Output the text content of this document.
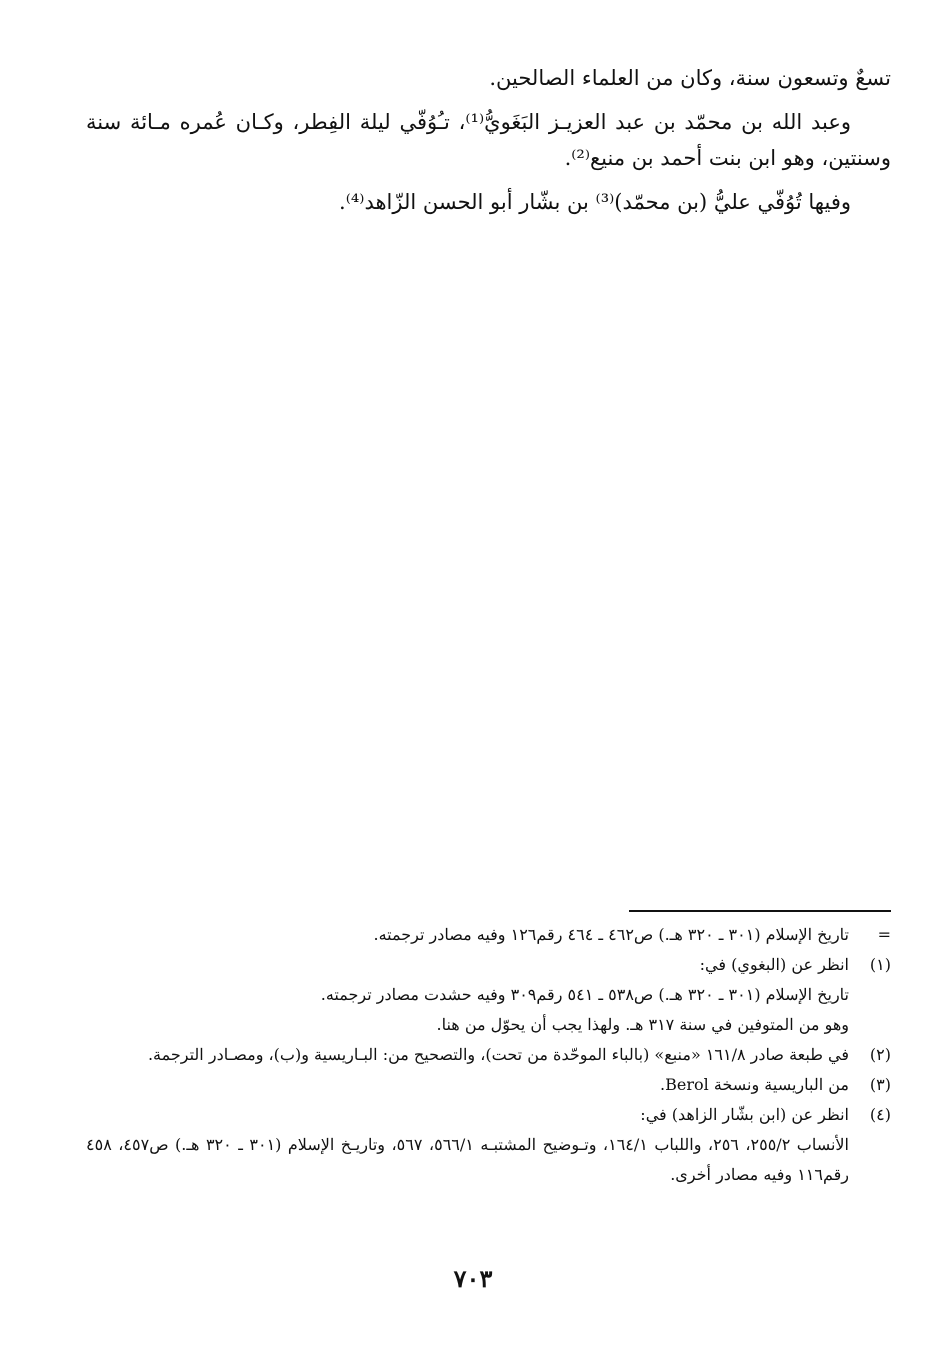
تسعٌ وتسعون سنة، وكان من العلماء الصالحين.

وعبد الله بن محمّد بن عبد العزيـز البَغَويُّ⁽¹⁾، تـُوُفّي ليلة الفِطر، وكـان عُمره مـائة سنة وسنتين، وهو ابن بنت أحمد بن منيع⁽²⁾.

وفيها تُوُفّي عليُّ (بن محمّد)⁽³⁾ بن بشّار أبو الحسن الزّاهد⁽⁴⁾.

=
تاريخ الإسلام (٣٠١ ـ ٣٢٠ هـ.) ص٤٦٢ ـ ٤٦٤ رقم١٢٦ وفيه مصادر ترجمته.
(١)
انظر عن (البغوي) في:
تاريخ الإسلام (٣٠١ ـ ٣٢٠ هـ.) ص٥٣٨ ـ ٥٤١ رقم٣٠٩ وفيه حشدت مصادر ترجمته.
وهو من المتوفين في سنة ٣١٧ هـ. ولهذا يجب أن يحوّل من هنا.
(٢)
في طبعة صادر ١٦١/٨ «منبع» (بالباء الموحّدة من تحت)، والتصحيح من: البـاريسية و(ب)، ومصـادر الترجمة.
(٣)
من الباريسية ونسخة Berol.
(٤)
انظر عن (ابن بشّار الزاهد) في:
الأنساب ٢٥٥/٢، ٢٥٦، واللباب ١٦٤/١، وتـوضيح المشتبـه ٥٦٦/١، ٥٦٧، وتاريـخ الإسلام (٣٠١ ـ ٣٢٠ هـ.) ص٤٥٧، ٤٥٨ رقم١١٦ وفيه مصادر أخرى.
٧٠٣
